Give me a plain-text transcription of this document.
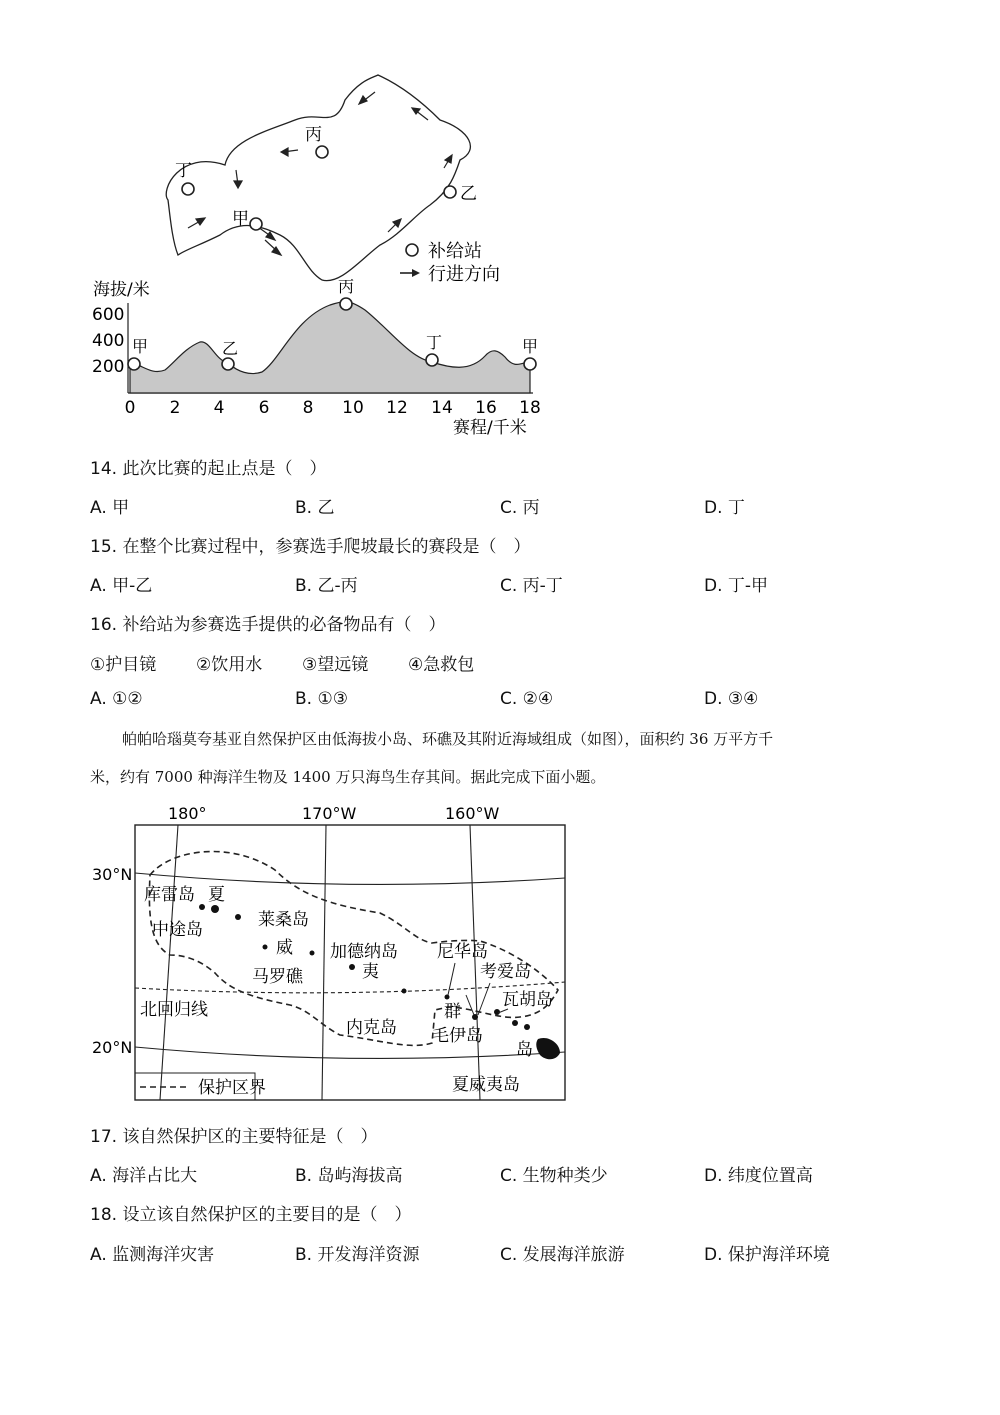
丁
丙
甲
乙
补给站
行进方向
海拔/米
600
400
200
0 2 4 6 8 10 12 14 16 18
赛程/千米
甲	乙
丙
丁	甲
14. 此次比赛的起止点是（　）
A. 甲	B. 乙	C. 丙	D. 丁
15. 在整个比赛过程中，参赛选手爬坡最长的赛段是（　）
A. 甲-乙	B. 乙-丙	C. 丙-丁	D. 丁-甲
16. 补给站为参赛选手提供的必备物品有（　）
①护目镜 ②饮用水 ③望远镜 ④急救包
A. ①②	B. ①③	C. ②④	D. ③④

帕帕哈瑙莫夸基亚自然保护区由低海拔小岛、环礁及其附近海域组成（如图），面积约 36 万平方千

米，约有 7000 种海洋生物及 1400 万只海鸟生存其间。据此完成下面小题。
180°	170°W	160°W
30°N
20°N
库雷岛 夏
中途岛	莱桑岛
威
马罗礁
加德纳岛
夷
尼华岛
考爱岛
瓦胡岛
群
毛伊岛
岛
内克岛
北回归线
夏威夷岛
保护区界
17. 该自然保护区的主要特征是（　）
A. 海洋占比大	B. 岛屿海拔高	C. 生物种类少	D. 纬度位置高
18. 设立该自然保护区的主要目的是（　）
A. 监测海洋灾害	B. 开发海洋资源	C. 发展海洋旅游	D. 保护海洋环境
